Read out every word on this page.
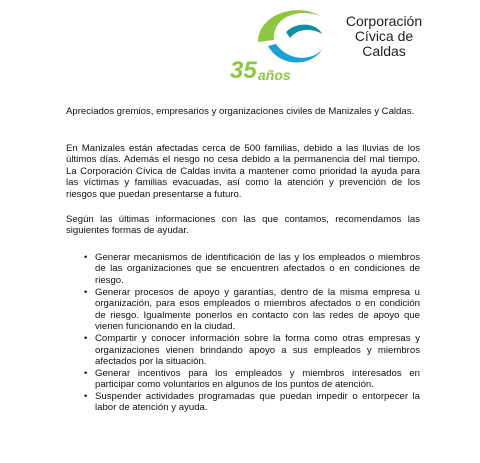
Corporación
Cívica de
Caldas
35 años

Apreciados gremios, empresarios y organizaciones civiles de Manizales y Caldas.

En Manizales están afectadas cerca de 500 familias, debido a las lluvias de los últimos días. Además el riesgo no cesa debido a la permanencia del mal tiempo. La Corporación Cívica de Caldas invita a mantener como prioridad la ayuda para las víctimas y familias evacuadas, así como la atención y prevención de los riesgos que puedan presentarse a futuro.

Según las últimas informaciones con las que contamos, recomendamos las siguientes formas de ayudar.

• Generar mecanismos de identificación de las y los empleados o miembros de las organizaciones que se encuentren afectados o en condiciones de riesgo.
• Generar procesos de apoyo y garantías, dentro de la misma empresa u organización, para esos empleados o miembros afectados o en condición de riesgo. Igualmente ponerlos en contacto con las redes de apoyo que vienen funcionando en la ciudad.
• Compartir y conocer información sobre la forma como otras empresas y organizaciones vienen brindando apoyo a sus empleados y miembros afectados por la situación.
• Generar incentivos para los empleados y miembros interesados en participar como voluntarios en algunos de los puntos de atención.
• Suspender actividades programadas que puedan impedir o entorpecer la labor de atención y ayuda.
